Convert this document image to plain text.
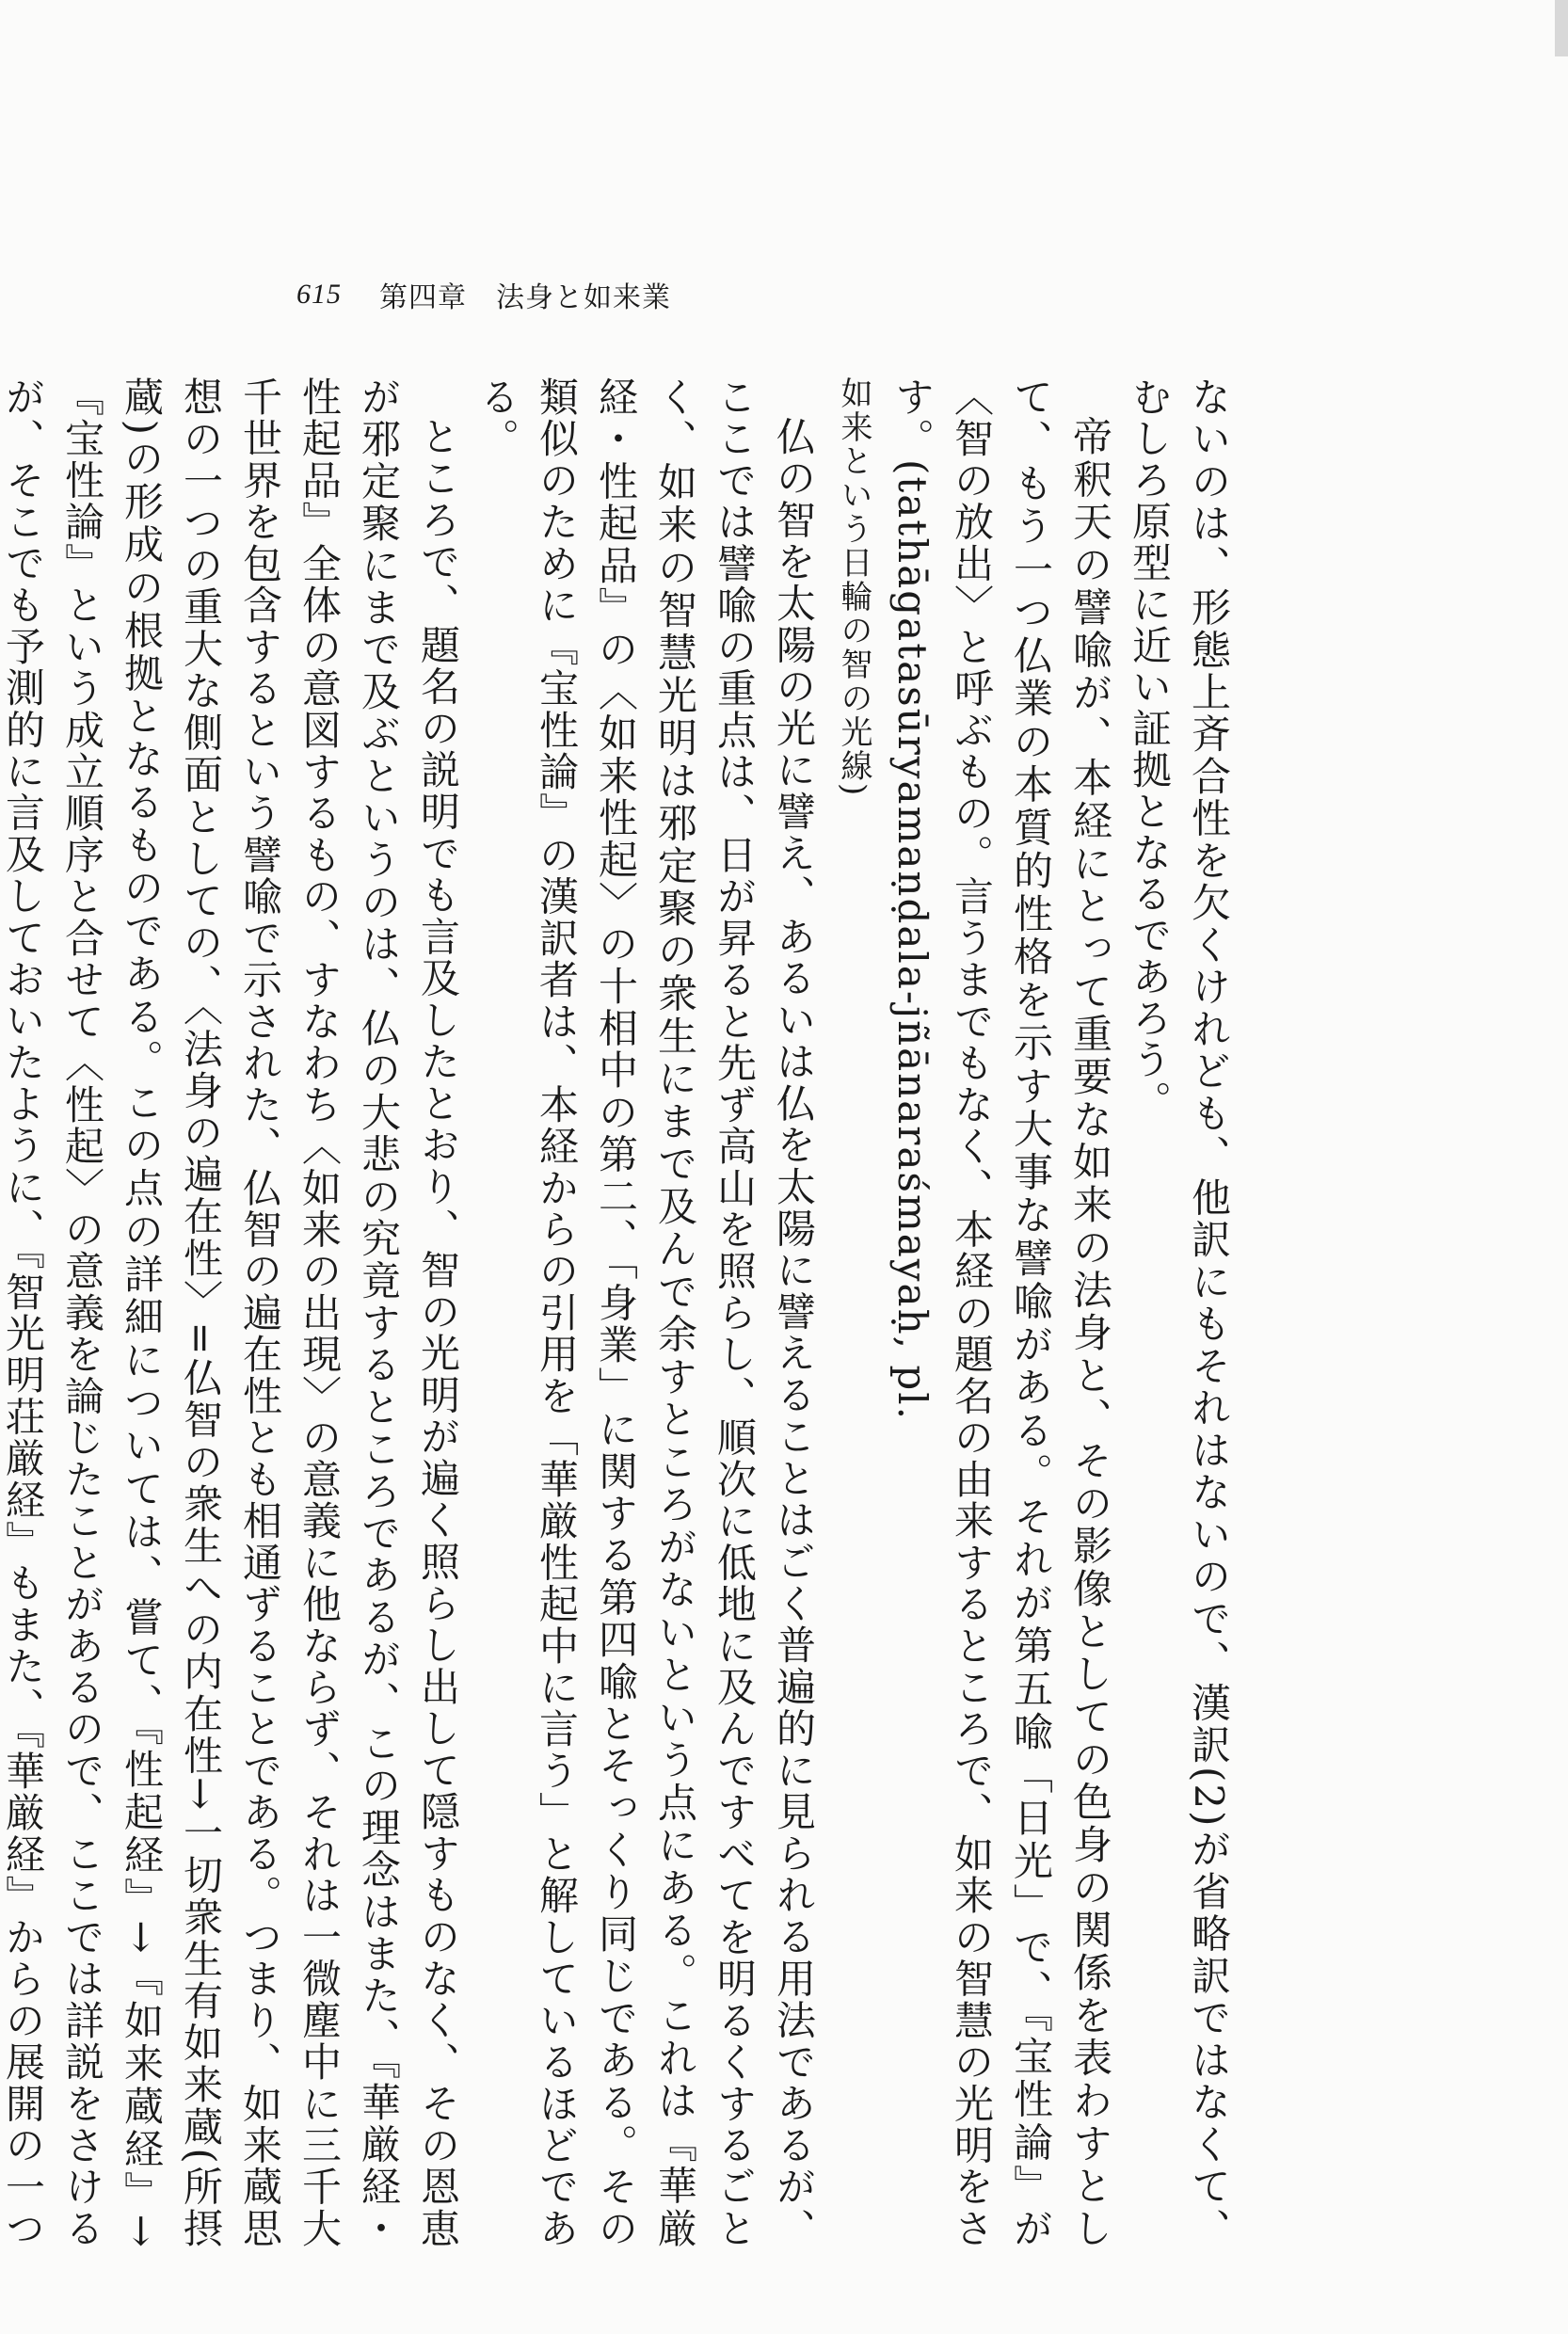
615 第四章　法身と如来業

ないのは、形態上斉合性を欠くけれども、他訳にもそれはないので、漢訳(2)が省略訳ではなくて、むしろ原型に近い証拠となるであろう。

帝釈天の譬喩が、本経にとって重要な如来の法身と、その影像としての色身の関係を表わすとして、もう一つ仏業の本質的性格を示す大事な譬喩がある。それが第五喩「日光」で、『宝性論』が〈智の放出〉と呼ぶもの。言うまでもなく、本経の題名の由来するところで、如来の智慧の光明をさす。(tathāgatasūryamaṇḍala-jñānaraśmayaḥ, pl.

如来という日輪の智の光線)

仏の智を太陽の光に譬え、あるいは仏を太陽に譬えることはごく普遍的に見られる用法であるが、ここでは譬喩の重点は、日が昇ると先ず高山を照らし、順次に低地に及んですべてを明るくするごとく、如来の智慧光明は邪定聚の衆生にまで及んで余すところがないという点にある。これは『華厳経・性起品』の〈如来性起〉の十相中の第二、「身業」に関する第四喩とそっくり同じである。その類似のために『宝性論』の漢訳者は、本経からの引用を「華厳性起中に言う」と解しているほどである。

ところで、題名の説明でも言及したとおり、智の光明が遍く照らし出して隠すものなく、その恩恵が邪定聚にまで及ぶというのは、仏の大悲の究竟するところであるが、この理念はまた、『華厳経・性起品』全体の意図するもの、すなわち〈如来の出現〉の意義に他ならず、それは一微塵中に三千大千世界を包含するという譬喩で示された、仏智の遍在性とも相通ずることである。つまり、如来蔵思想の一つの重大な側面としての、〈法身の遍在性〉=仏智の衆生への内在性→一切衆生有如来蔵(所摂蔵)の形成の根拠となるものである。この点の詳細については、嘗て、『性起経』→『如来蔵経』→『宝性論』という成立順序と合せて〈性起〉の意義を論じたことがあるので、ここでは詳説をさけるが、そこでも予測的に言及しておいたように、『智光明荘厳経』もまた、『華厳経』からの展開の一つ
